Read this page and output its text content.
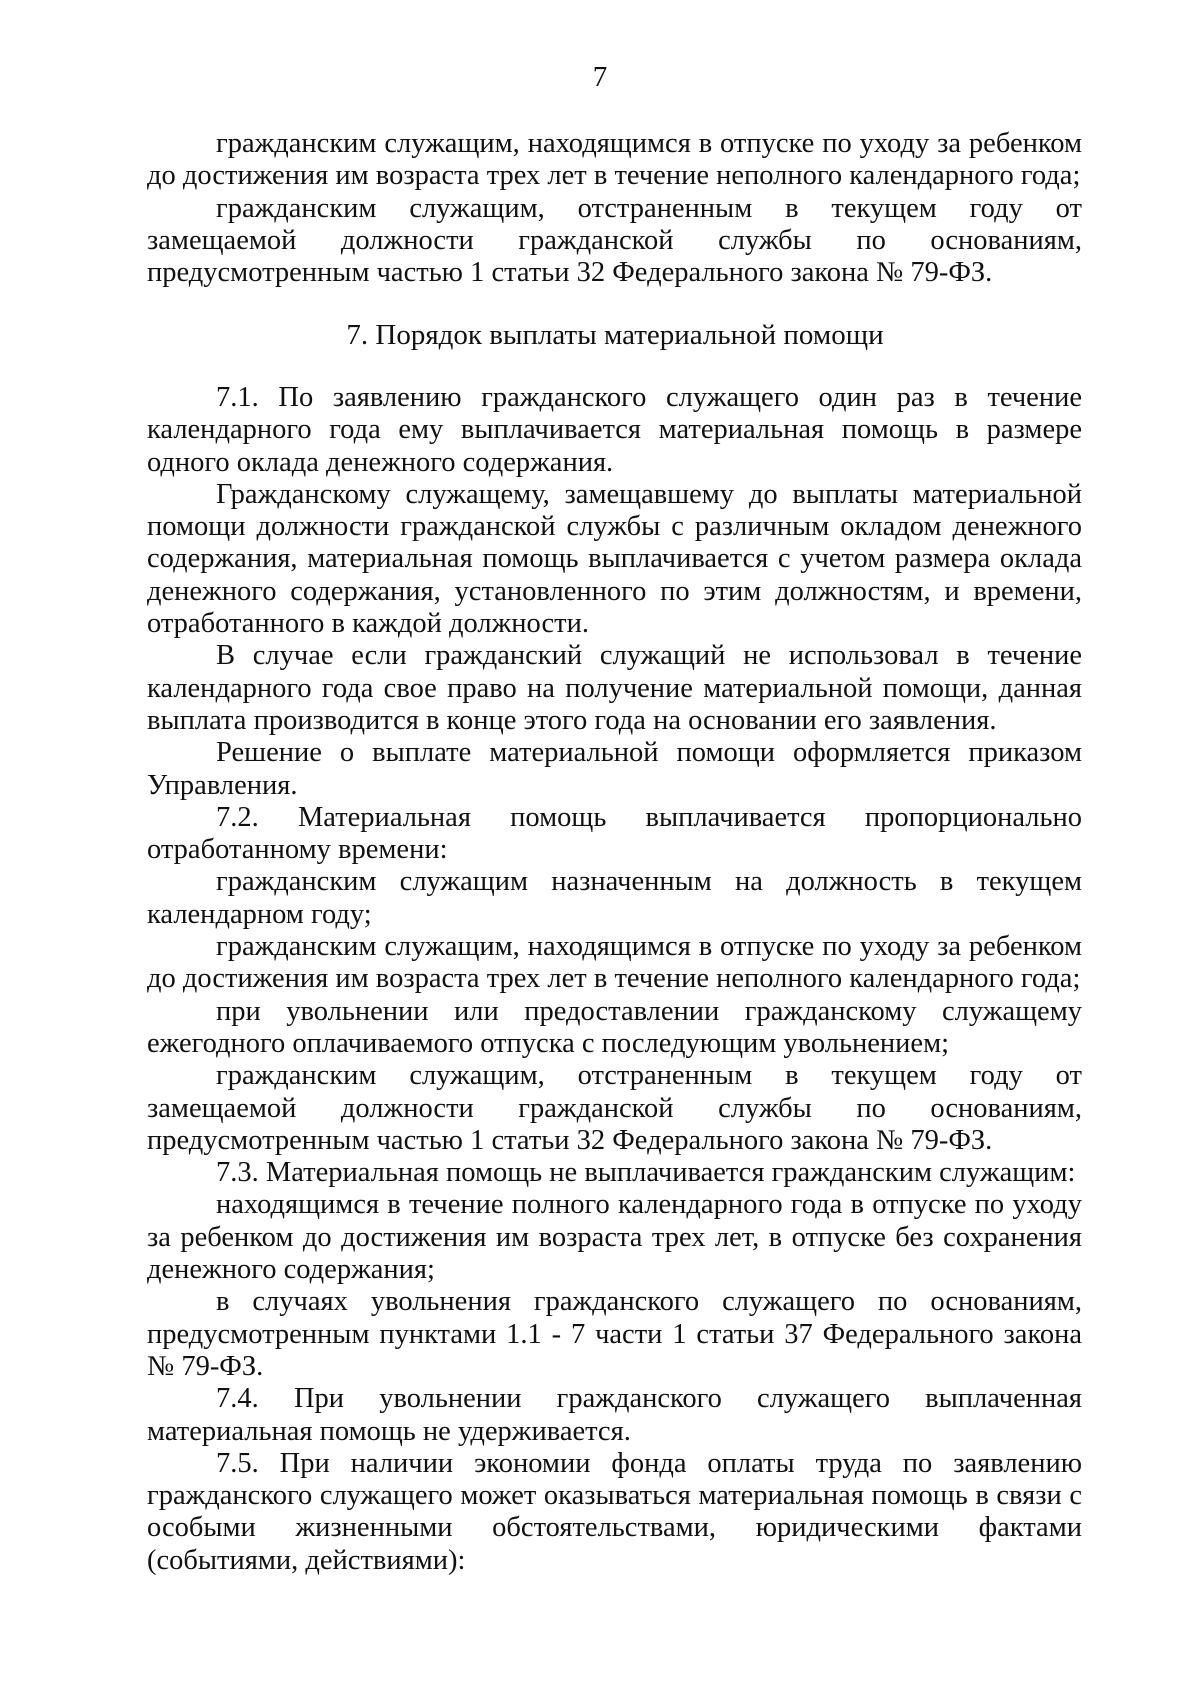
7

гражданским служащим, находящимся в отпуске по уходу за ребенком до достижения им возраста трех лет в течение неполного календарного года;

гражданским служащим, отстраненным в текущем году от замещаемой должности гражданской службы по основаниям, предусмотренным частью 1 статьи 32 Федерального закона № 79-ФЗ.

7. Порядок выплаты материальной помощи

7.1. По заявлению гражданского служащего один раз в течение календарного года ему выплачивается материальная помощь в размере одного оклада денежного содержания.

Гражданскому служащему, замещавшему до выплаты материальной помощи должности гражданской службы с различным окладом денежного содержания, материальная помощь выплачивается с учетом размера оклада денежного содержания, установленного по этим должностям, и времени, отработанного в каждой должности.

В случае если гражданский служащий не использовал в течение календарного года свое право на получение материальной помощи, данная выплата производится в конце этого года на основании его заявления.

Решение о выплате материальной помощи оформляется приказом Управления.

7.2. Материальная помощь выплачивается пропорционально отработанному времени:

гражданским служащим назначенным на должность в текущем календарном году;

гражданским служащим, находящимся в отпуске по уходу за ребенком до достижения им возраста трех лет в течение неполного календарного года;

при увольнении или предоставлении гражданскому служащему ежегодного оплачиваемого отпуска с последующим увольнением;

гражданским служащим, отстраненным в текущем году от замещаемой должности гражданской службы по основаниям, предусмотренным частью 1 статьи 32 Федерального закона № 79-ФЗ.

7.3. Материальная помощь не выплачивается гражданским служащим:

находящимся в течение полного календарного года в отпуске по уходу за ребенком до достижения им возраста трех лет, в отпуске без сохранения денежного содержания;

в случаях увольнения гражданского служащего по основаниям, предусмотренным пунктами 1.1 - 7 части 1 статьи 37 Федерального закона № 79-ФЗ.

7.4. При увольнении гражданского служащего выплаченная материальная помощь не удерживается.

7.5. При наличии экономии фонда оплаты труда по заявлению гражданского служащего может оказываться материальная помощь в связи с особыми жизненными обстоятельствами, юридическими фактами (событиями, действиями):
